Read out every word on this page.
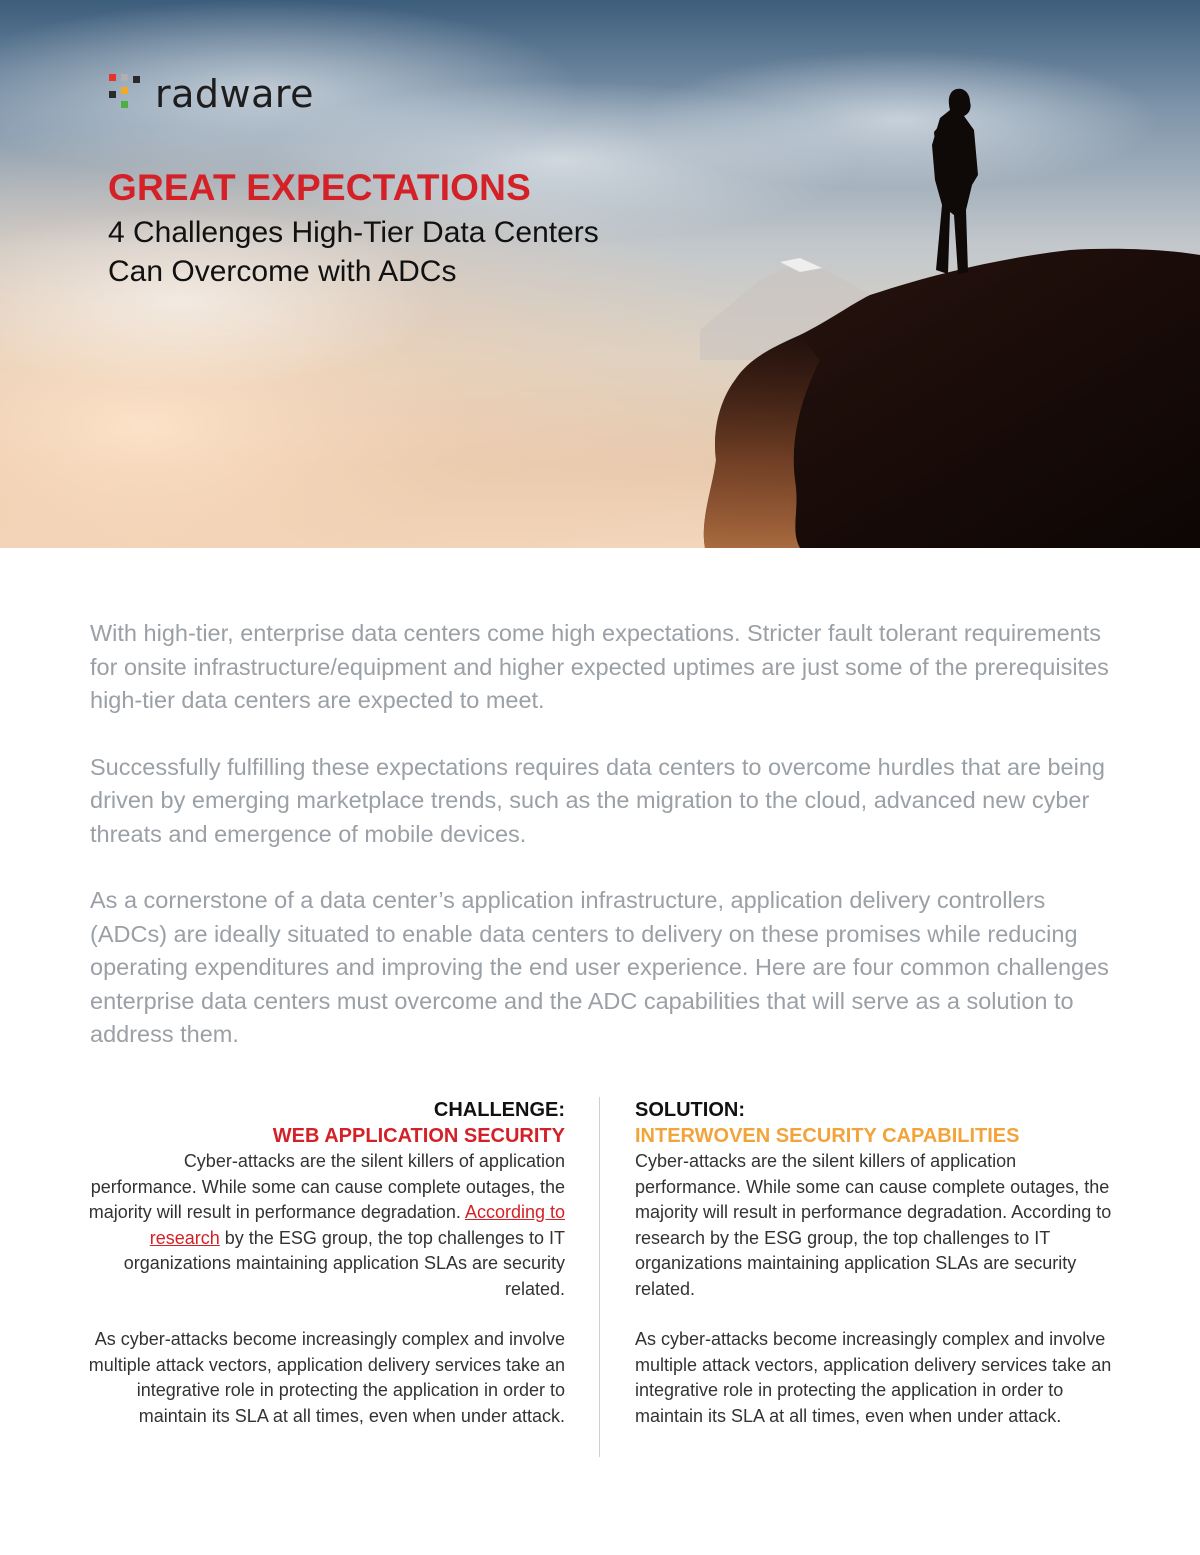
radware
GREAT EXPECTATIONS
4 Challenges High-Tier Data Centers
Can Overcome with ADCs

With high-tier, enterprise data centers come high expectations. Stricter fault tolerant requirements for onsite infrastructure/equipment and higher expected uptimes are just some of the prerequisites high-tier data centers are expected to meet.

Successfully fulfilling these expectations requires data centers to overcome hurdles that are being driven by emerging marketplace trends, such as the migration to the cloud, advanced new cyber threats and emergence of mobile devices.

As a cornerstone of a data center’s application infrastructure, application delivery controllers (ADCs) are ideally situated to enable data centers to delivery on these promises while reducing operating expenditures and improving the end user experience. Here are four common challenges enterprise data centers must overcome and the ADC capabilities that will serve as a solution to address them.

CHALLENGE:
WEB APPLICATION SECURITY

Cyber-attacks are the silent killers of application performance. While some can cause complete outages, the majority will result in performance degradation. According to research by the ESG group, the top challenges to IT organizations maintaining application SLAs are security related.

As cyber-attacks become increasingly complex and involve multiple attack vectors, application delivery services take an integrative role in protecting the application in order to maintain its SLA at all times, even when under attack.

SOLUTION:
INTERWOVEN SECURITY CAPABILITIES

Cyber-attacks are the silent killers of application performance. While some can cause complete outages, the majority will result in performance degradation. According to research by the ESG group, the top challenges to IT organizations maintaining application SLAs are security related.

As cyber-attacks become increasingly complex and involve multiple attack vectors, application delivery services take an integrative role in protecting the application in order to maintain its SLA at all times, even when under attack.
